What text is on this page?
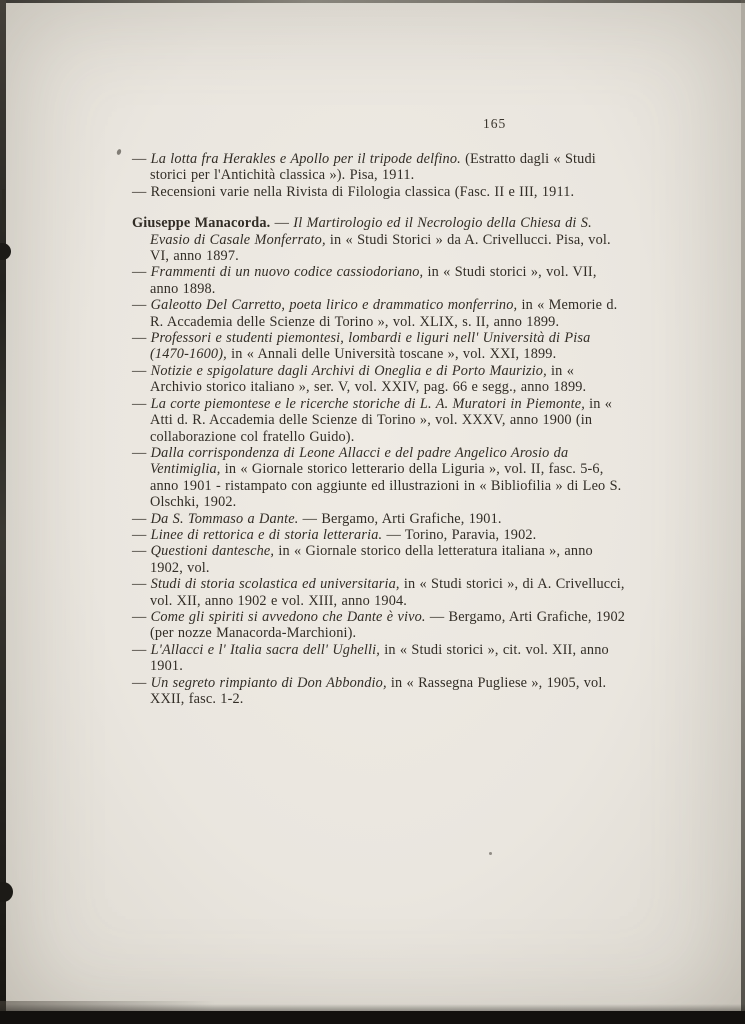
165
— La lotta fra Herakles e Apollo per il tripode delfino. (Estratto dagli « Studi storici per l'Antichità classica »). Pisa, 1911.
— Recensioni varie nella Rivista di Filologia classica (Fasc. II e III, 1911.
Giuseppe Manacorda. — Il Martirologio ed il Necrologio della Chiesa di S. Evasio di Casale Monferrato, in « Studi Storici » da A. Crivellucci. Pisa, vol. VI, anno 1897.
— Frammenti di un nuovo codice cassiodoriano, in « Studi storici », vol. VII, anno 1898.
— Galeotto Del Carretto, poeta lirico e drammatico monferrino, in « Memorie d. R. Accademia delle Scienze di Torino », vol. XLIX, s. II, anno 1899.
— Professori e studenti piemontesi, lombardi e liguri nell' Università di Pisa (1470-1600), in « Annali delle Università toscane », vol. XXI, 1899.
— Notizie e spigolature dagli Archivi di Oneglia e di Porto Maurizio, in « Archivio storico italiano », ser. V, vol. XXIV, pag. 66 e segg., anno 1899.
— La corte piemontese e le ricerche storiche di L. A. Muratori in Piemonte, in « Atti d. R. Accademia delle Scienze di Torino », vol. XXXV, anno 1900 (in collaborazione col fratello Guido).
— Dalla corrispondenza di Leone Allacci e del padre Angelico Arosio da Ventimiglia, in « Giornale storico letterario della Liguria », vol. II, fasc. 5-6, anno 1901 - ristampato con aggiunte ed illustrazioni in « Bibliofilia » di Leo S. Olschki, 1902.
— Da S. Tommaso a Dante. — Bergamo, Arti Grafiche, 1901.
— Linee di rettorica e di storia letteraria. — Torino, Paravia, 1902.
— Questioni dantesche, in « Giornale storico della letteratura italiana », anno 1902, vol.
— Studi di storia scolastica ed universitaria, in « Studi storici », di A. Crivellucci, vol. XII, anno 1902 e vol. XIII, anno 1904.
— Come gli spiriti si avvedono che Dante è vivo. — Bergamo, Arti Grafiche, 1902 (per nozze Manacorda-Marchioni).
— L'Allacci e l' Italia sacra dell' Ughelli, in « Studi storici », cit. vol. XII, anno 1901.
— Un segreto rimpianto di Don Abbondio, in « Rassegna Pugliese », 1905, vol. XXII, fasc. 1-2.
